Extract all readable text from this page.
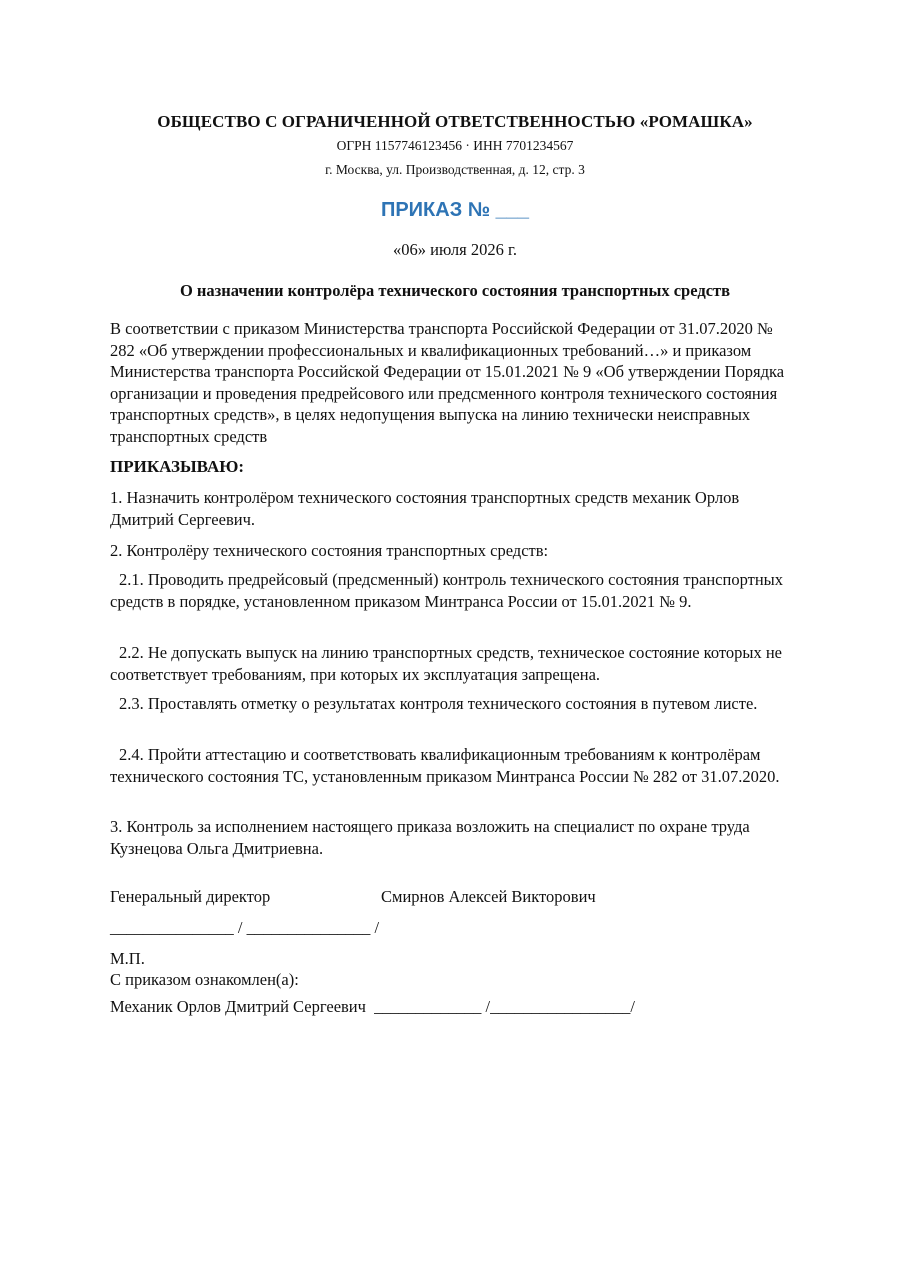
ОБЩЕСТВО С ОГРАНИЧЕННОЙ ОТВЕТСТВЕННОСТЬЮ «РОМАШКА»
ОГРН 1157746123456 · ИНН 7701234567
г. Москва, ул. Производственная, д. 12, стр. 3
ПРИКАЗ № ___
«06» июля 2026 г.
О назначении контролёра технического состояния транспортных средств

В соответствии с приказом Министерства транспорта Российской Федерации от 31.07.2020 № 282 «Об утверждении профессиональных и квалификационных требований…» и приказом Министерства транспорта Российской Федерации от 15.01.2021 № 9 «Об утверждении Порядка организации и проведения предрейсового или предсменного контроля технического состояния транспортных средств», в целях недопущения выпуска на линию технически неисправных транспортных средств

ПРИКАЗЫВАЮ:

1. Назначить контролёром технического состояния транспортных средств механик Орлов Дмитрий Сергеевич.

2. Контролёру технического состояния транспортных средств:

2.1. Проводить предрейсовый (предсменный) контроль технического состояния транспортных средств в порядке, установленном приказом Минтранса России от 15.01.2021 № 9.

2.2. Не допускать выпуск на линию транспортных средств, техническое состояние которых не соответствует требованиям, при которых их эксплуатация запрещена.

2.3. Проставлять отметку о результатах контроля технического состояния в путевом листе.

2.4. Пройти аттестацию и соответствовать квалификационным требованиям к контролёрам технического состояния ТС, установленным приказом Минтранса России № 282 от 31.07.2020.

3. Контроль за исполнением настоящего приказа возложить на специалист по охране труда Кузнецова Ольга Дмитриевна.

Генеральный директор	Смирнов Алексей Викторович
_______________ / _______________ /
М.П.
С приказом ознакомлен(а):
Механик Орлов Дмитрий Сергеевич  _____________ /_________________/
